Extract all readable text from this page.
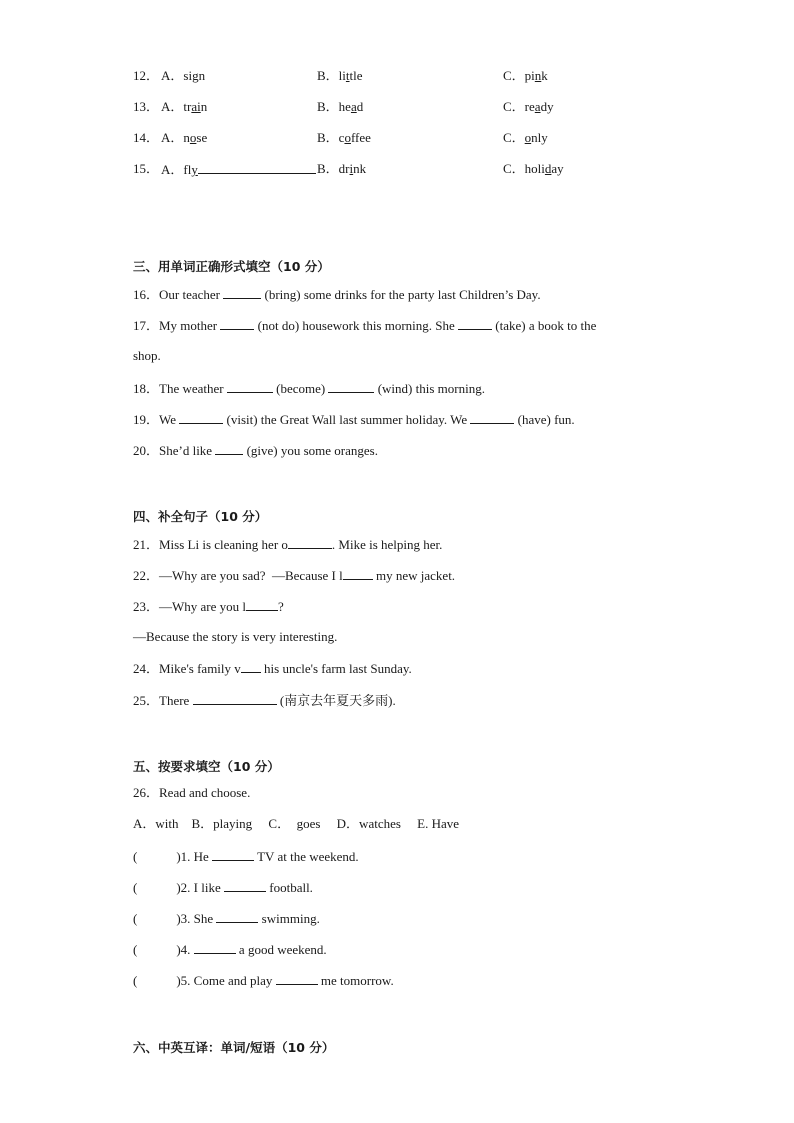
12． A．sign	B．little	C．pink
13． A．train	B．head	C．ready
14． A．nose	B．coffee	C．only
15． A．fly	B．drink	C．holiday
三、用单词正确形式填空（10 分）
16．Our teacher	(bring) some drinks for the party last Children’s Day.
17．My mother	(not do) housework this morning. She	(take) a book to the
shop.
18．The weather	(become)	(wind) this morning.
19．We	(visit) the Great Wall last summer holiday. We	(have) fun.
20．She’d like  (give) you some oranges.
四、补全句子（10 分）
21．Miss Li is cleaning her o	. Mike is helping her.
22．—Why are you sad?  —Because I l my new jacket.
23．—Why are you l ?
—Because the story is very interesting.
24．Mike's family v his uncle's farm last Sunday.
25．There	(南京去年夏天多雨).
五、按要求填空（10 分）
26．Read and choose.
A．with    B．playing     C．  goes     D．watches     E. Have
(            )1. He	TV at the weekend.
(            )2. I like	football.
(            )3. She	swimming.
(            )4.	a good weekend.
(            )5. Come and play	me tomorrow.
六、中英互译：单词/短语（10 分）
